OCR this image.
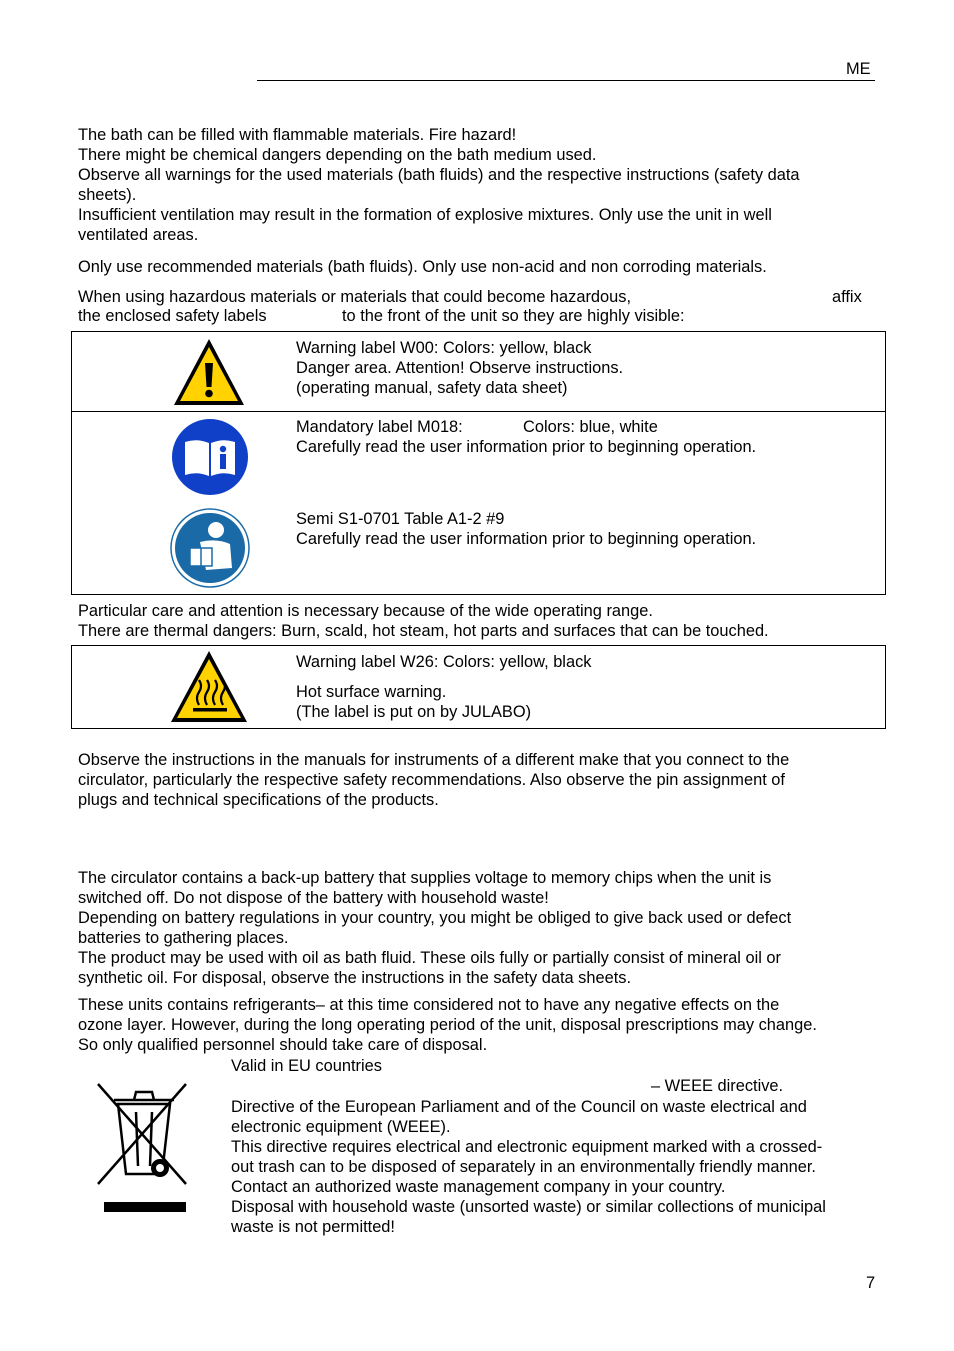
ME
The bath can be filled with flammable materials. Fire hazard!
There might be chemical dangers depending on the bath medium used.
Observe all warnings for the used materials (bath fluids) and the respective instructions (safety data
sheets).
Insufficient ventilation may result in the formation of explosive mixtures. Only use the unit in well
ventilated areas.
Only use recommended materials (bath fluids). Only use non-acid and non corroding materials.
When using hazardous materials or materials that could become hazardous,	affix
the enclosed safety labels	to the front of the unit so they are highly visible:
Warning label W00: Colors: yellow, black
Danger area. Attention! Observe instructions.
(operating manual, safety data sheet)
Mandatory label M018:	Colors: blue, white
Carefully read the user information prior to beginning operation.
Semi S1-0701 Table A1-2 #9
Carefully read the user information prior to beginning operation.
Particular care and attention is necessary because of the wide operating range.
There are thermal dangers: Burn, scald, hot steam, hot parts and surfaces that can be touched.
Warning label W26: Colors: yellow, black
Hot surface warning.
(The label is put on by JULABO)
Observe the instructions in the manuals for instruments of a different make that you connect to the
circulator, particularly the respective safety recommendations. Also observe the pin assignment of
plugs and technical specifications of the products.
The circulator contains a back-up battery that supplies voltage to memory chips when the unit is
switched off. Do not dispose of the battery with household waste!
Depending on battery regulations in your country, you might be obliged to give back used or defect
batteries to gathering places.
The product may be used with oil as bath fluid. These oils fully or partially consist of mineral oil or
synthetic oil. For disposal, observe the instructions in the safety data sheets.
These units contains refrigerants– at this time considered not to have any negative effects on the
ozone layer. However, during the long operating period of the unit, disposal prescriptions may change.
So only qualified personnel should take care of disposal.
Valid in EU countries
– WEEE directive.
Directive of the European Parliament and of the Council on waste electrical and
electronic equipment (WEEE).
This directive requires electrical and electronic equipment marked with a crossed-
out trash can to be disposed of separately in an environmentally friendly manner.
Contact an authorized waste management company in your country.
Disposal with household waste (unsorted waste) or similar collections of municipal
waste is not permitted!
7
